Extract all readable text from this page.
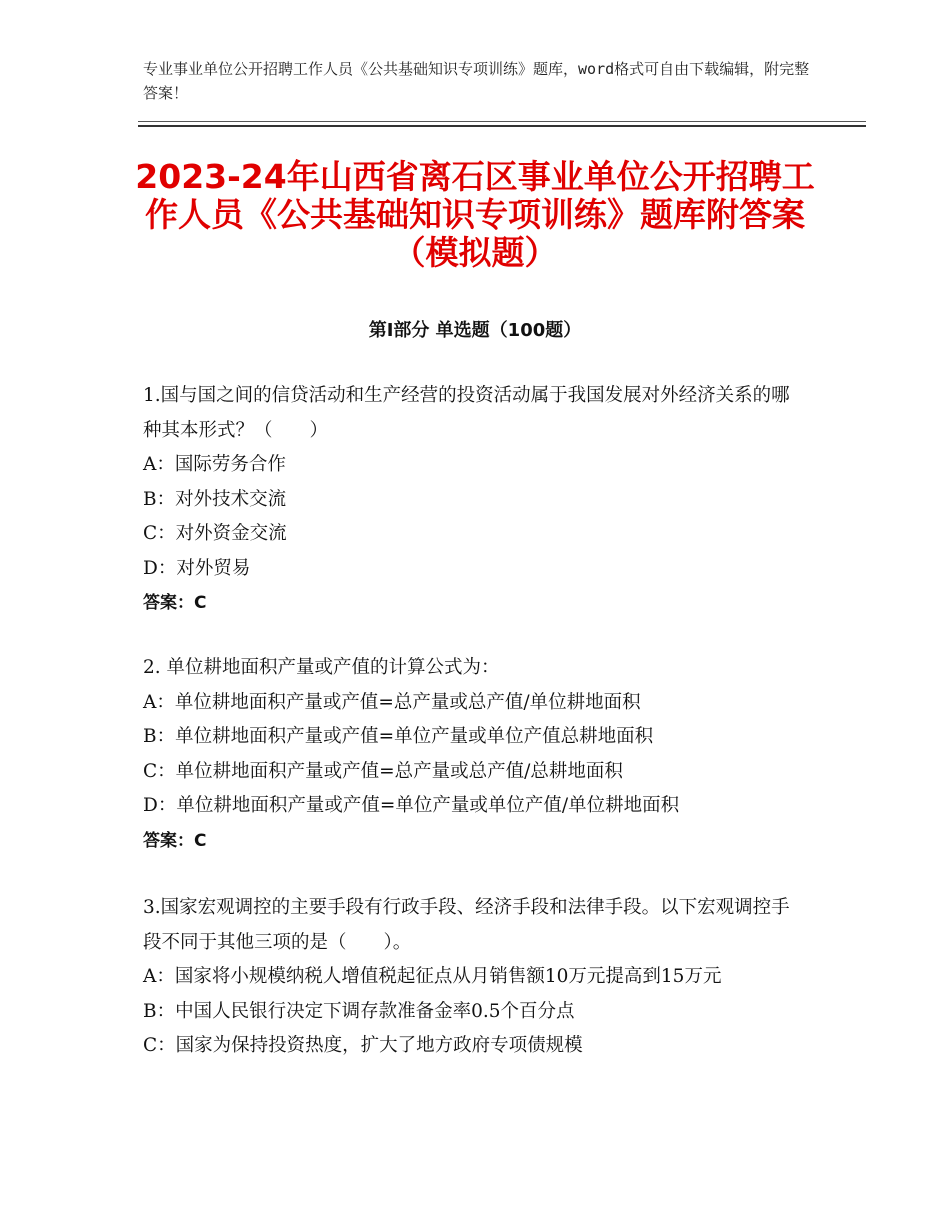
专业事业单位公开招聘工作人员《公共基础知识专项训练》题库，word格式可自由下载编辑，附完整答案！
2023-24年山西省离石区事业单位公开招聘工作人员《公共基础知识专项训练》题库附答案（模拟题）
第Ⅰ部分 单选题（100题）
1.国与国之间的信贷活动和生产经营的投资活动属于我国发展对外经济关系的哪种其本形式？（　　）
A：国际劳务合作
B：对外技术交流
C：对外资金交流
D：对外贸易
答案：C
2. 单位耕地面积产量或产值的计算公式为：
A：单位耕地面积产量或产值=总产量或总产值/单位耕地面积
B：单位耕地面积产量或产值=单位产量或单位产值总耕地面积
C：单位耕地面积产量或产值=总产量或总产值/总耕地面积
D：单位耕地面积产量或产值=单位产量或单位产值/单位耕地面积
答案：C
3.国家宏观调控的主要手段有行政手段、经济手段和法律手段。以下宏观调控手段不同于其他三项的是（　　）。
A：国家将小规模纳税人增值税起征点从月销售额10万元提高到15万元
B：中国人民银行决定下调存款准备金率0.5个百分点
C：国家为保持投资热度，扩大了地方政府专项债规模
